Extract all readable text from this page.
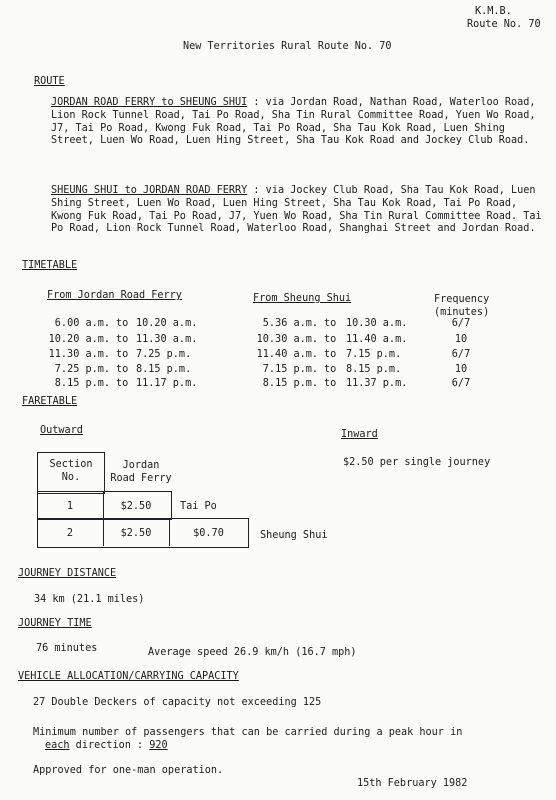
K.M.B.
Route No. 70
New Territories Rural Route No. 70
ROUTE
JORDAN ROAD FERRY to SHEUNG SHUI : via Jordan Road, Nathan Road, Waterloo Road, Lion Rock Tunnel Road, Tai Po Road, Sha Tin Rural Committee Road, Yuen Wo Road, J7, Tai Po Road, Kwong Fuk Road, Tai Po Road, Sha Tau Kok Road, Luen Shing Street, Luen Wo Road, Luen Hing Street, Sha Tau Kok Road and Jockey Club Road.
SHEUNG SHUI to JORDAN ROAD FERRY : via Jockey Club Road, Sha Tau Kok Road, Luen Shing Street, Luen Wo Road, Luen Hing Street, Sha Tau Kok Road, Tai Po Road, Kwong Fuk Road, Tai Po Road, J7, Yuen Wo Road, Sha Tin Rural Committee Road. Tai Po Road, Lion Rock Tunnel Road, Waterloo Road, Shanghai Street and Jordan Road.
TIMETABLE
From Jordan Road Ferry	From Sheung Shui	Frequency
(minutes)
6.00 a.m. to 10.20 a.m.	5.36 a.m. to 10.30 a.m.	6/7
10.20 a.m. to 11.30 a.m.	10.30 a.m. to 11.40 a.m.	10
11.30 a.m. to 7.25 p.m.	11.40 a.m. to 7.15 p.m.	6/7
7.25 p.m. to 8.15 p.m.	7.15 p.m. to 8.15 p.m.	10
8.15 p.m. to 11.17 p.m.	8.15 p.m. to 11.37 p.m.	6/7
FARETABLE
Outward	Inward
$2.50 per single journey
Section No.
Jordan Road Ferry
1	$2.50	Tai Po
2	$2.50	$0.70	Sheung Shui
JOURNEY DISTANCE
34 km (21.1 miles)
JOURNEY TIME
76 minutes	Average speed 26.9 km/h (16.7 mph)
VEHICLE ALLOCATION/CARRYING CAPACITY
27 Double Deckers of capacity not exceeding 125
Minimum number of passengers that can be carried during a peak hour in
each direction : 920
Approved for one-man operation.
15th February 1982
